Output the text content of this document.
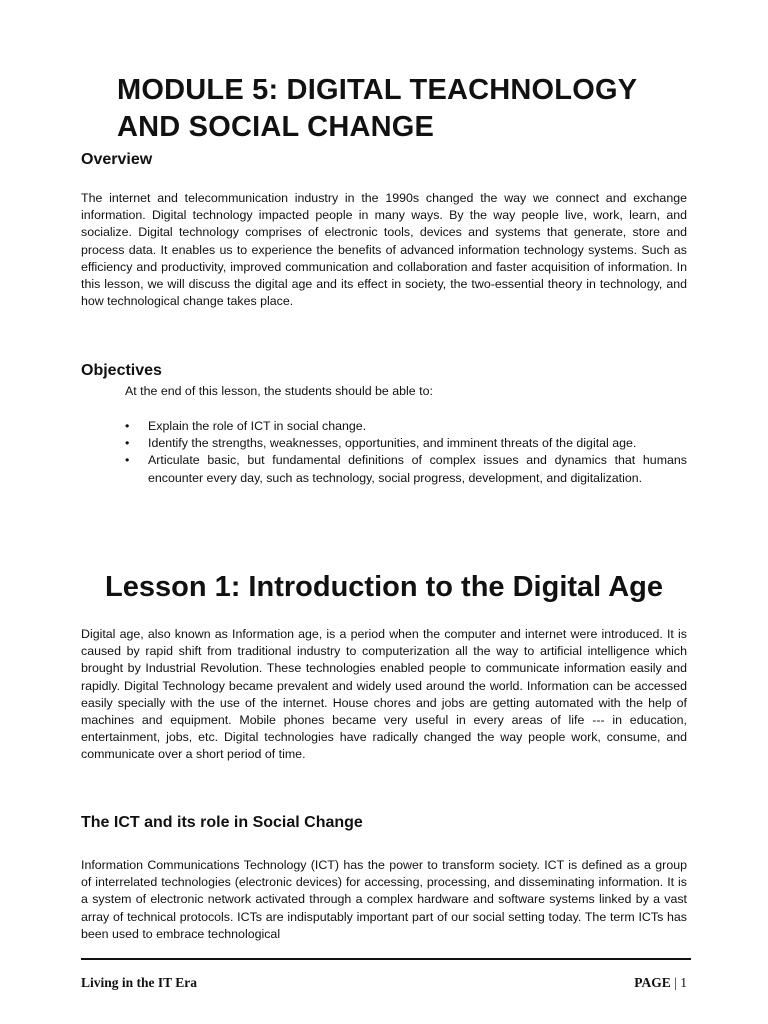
MODULE 5: DIGITAL TEACHNOLOGY
AND SOCIAL CHANGE
Overview

The internet and telecommunication industry in the 1990s changed the way we connect and exchange information. Digital technology impacted people in many ways. By the way people live, work, learn, and socialize. Digital technology comprises of electronic tools, devices and systems that generate, store and process data. It enables us to experience the benefits of advanced information technology systems. Such as efficiency and productivity, improved communication and collaboration and faster acquisition of information. In this lesson, we will discuss the digital age and its effect in society, the two-essential theory in technology, and how technological change takes place.

Objectives

At the end of this lesson, the students should be able to:

• Explain the role of ICT in social change.
• Identify the strengths, weaknesses, opportunities, and imminent threats of the digital age.
• Articulate basic, but fundamental definitions of complex issues and dynamics that humans encounter every day, such as technology, social progress, development, and digitalization.
Lesson 1: Introduction to the Digital Age

Digital age, also known as Information age, is a period when the computer and internet were introduced. It is caused by rapid shift from traditional industry to computerization all the way to artificial intelligence which brought by Industrial Revolution. These technologies enabled people to communicate information easily and rapidly. Digital Technology became prevalent and widely used around the world. Information can be accessed easily specially with the use of the internet. House chores and jobs are getting automated with the help of machines and equipment. Mobile phones became very useful in every areas of life --- in education, entertainment, jobs, etc. Digital technologies have radically changed the way people work, consume, and communicate over a short period of time.

The ICT and its role in Social Change

Information Communications Technology (ICT) has the power to transform society. ICT is defined as a group of interrelated technologies (electronic devices) for accessing, processing, and disseminating information. It is a system of electronic network activated through a complex hardware and software systems linked by a vast array of technical protocols. ICTs are indisputably important part of our social setting today. The term ICTs has been used to embrace technological

Living in the IT Era	PAGE | 1
